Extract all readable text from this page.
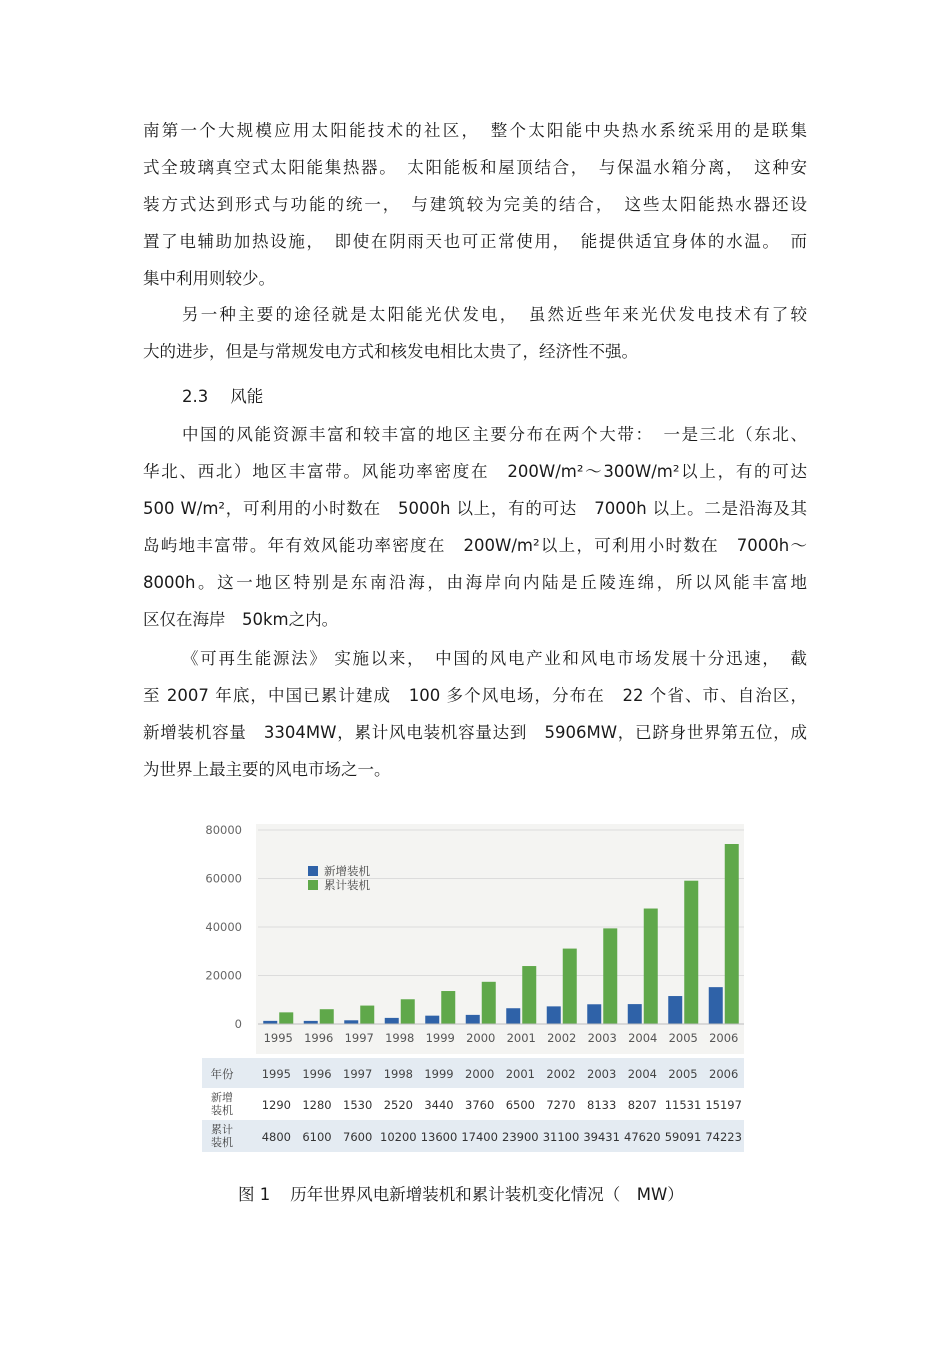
南第一个大规模应用太阳能技术的社区，　整个太阳能中央热水系统采用的是联集
式全玻璃真空式太阳能集热器。　太阳能板和屋顶结合，　与保温水箱分离，　这种安
装方式达到形式与功能的统一，　与建筑较为完美的结合，　这些太阳能热水器还设
置了电辅助加热设施，　即使在阴雨天也可正常使用，　能提供适宜身体的水温。　而
集中利用则较少。
另一种主要的途径就是太阳能光伏发电，　虽然近些年来光伏发电技术有了较
大的进步，但是与常规发电方式和核发电相比太贵了，经济性不强。
中国的风能资源丰富和较丰富的地区主要分布在两个大带：　一是三北（东北、
华北、西北）地区丰富带。风能功率密度在　200W/m²～300W/m²以上，有的可达
500 W/m²，可利用的小时数在　5000h 以上，有的可达　7000h 以上。二是沿海及其
岛屿地丰富带。年有效风能功率密度在　200W/m²以上，可利用小时数在　7000h～
8000h。这一地区特别是东南沿海，由海岸向内陆是丘陵连绵，所以风能丰富地
区仅在海岸　50km之内。
《可再生能源法》 实施以来，　中国的风电产业和风电市场发展十分迅速，　截
至 2007 年底，中国已累计建成　100 多个风电场，分布在　22 个省、市、自治区，
新增装机容量　3304MW，累计风电装机容量达到　5906MW，已跻身世界第五位，成
为世界上最主要的风电市场之一。
2.3 风能
0
20000
40000
60000
80000
1995 1996 1997 1998 1999 2000 2001 2002 2003 2004 2005 2006
新增装机
累计装机
年份 1995 1996 1997 1998 1999 2000 2001 2002 2003 2004 2005 2006
新增
装机 1290 1280 1530 2520 3440 3760 6500 7270 8133 8207 11531 15197
累计
装机 4800 6100 7600 10200 13600 17400 23900 31100 39431 47620 59091 74223
图 1 历年世界风电新增装机和累计装机变化情况（　MW）
